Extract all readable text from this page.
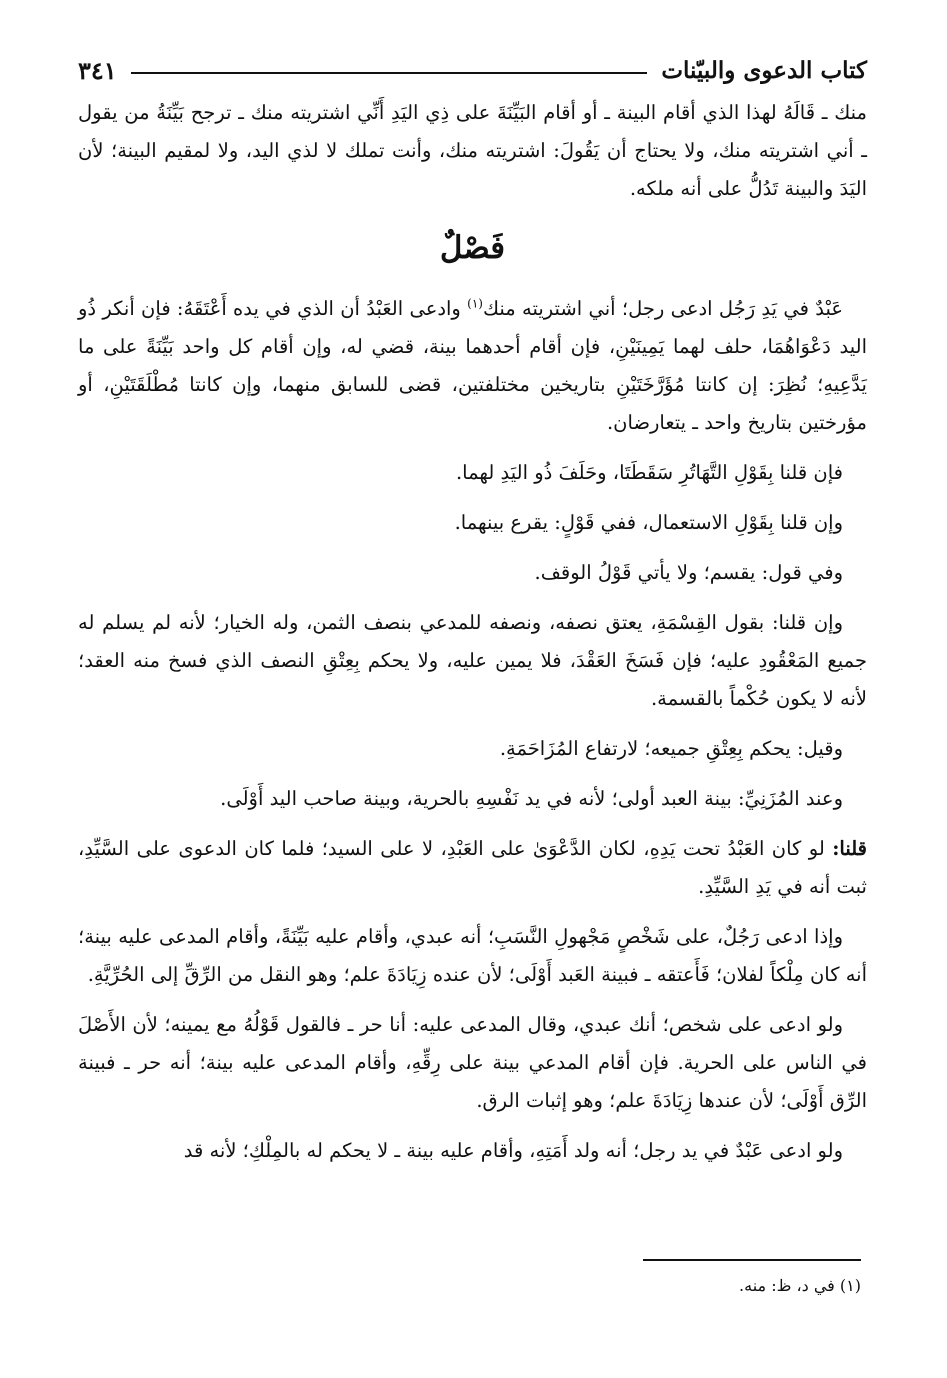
كتاب الدعوى والبيّنات
٣٤١

منك ـ قَالَهُ لهذا الذي أقام البينة ـ أو أقام البَيِّنَةَ على ذِي اليَدِ أَنِّي اشتريته منك ـ ترجح بَيِّنَةُ من يقول ـ أني اشتريته منك، ولا يحتاج أن يَقُولَ: اشتريته منك، وأنت تملك لا لذي اليد، ولا لمقيم البينة؛ لأن اليَدَ والبينة تَدُلُّ على أنه ملكه.

فَصْلٌ

عَبْدٌ في يَدِ رَجُل ادعى رجل؛ أني اشتريته منك$^{(١)}$ وادعى العَبْدُ أن الذي في يده أَعْتَقَهُ: فإن أنكر ذُو اليد دَعْوَاهُمَا، حلف لهما يَمِينَيْنِ، فإن أقام أحدهما بينة، قضي له، وإن أقام كل واحد بَيِّنَةً على ما يَدَّعِيهِ؛ نُظِرَ: إن كانتا مُؤَرَّخَتَيْنِ بتاريخين مختلفتين، قضى للسابق منهما، وإن كانتا مُطْلَقَتَيْنِ، أو مؤرختين بتاريخ واحد ـ يتعارضان.

فإن قلنا بِقَوْلِ التَّهَاتُرِ سَقَطَتَا، وحَلَفَ ذُو اليَدِ لهما.

وإن قلنا بِقَوْلِ الاستعمال، ففي قَوْلٍ: يقرع بينهما.

وفي قول: يقسم؛ ولا يأتي قَوْلُ الوقف.

وإن قلنا: بقول القِسْمَةِ، يعتق نصفه، ونصفه للمدعي بنصف الثمن، وله الخيار؛ لأنه لم يسلم له جميع المَعْقُودِ عليه؛ فإن فَسَخَ العَقْدَ، فلا يمين عليه، ولا يحكم بِعِتْقِ النصف الذي فسخ منه العقد؛ لأنه لا يكون حُكْماً بالقسمة.

وقيل: يحكم بِعِتْقِ جميعه؛ لارتفاع المُزَاحَمَةِ.

وعند المُزَنِيِّ: بينة العبد أولى؛ لأنه في يد نَفْسِهِ بالحرية، وبينة صاحب اليد أَوْلَى.

قلنا: لو كان العَبْدُ تحت يَدِهِ، لكان الدَّعْوَىٰ على العَبْدِ، لا على السيد؛ فلما كان الدعوى على السَّيِّدِ، ثبت أنه في يَدِ السَّيِّدِ.

وإذا ادعى رَجُلٌ، على شَخْصٍ مَجْهولِ النَّسَبِ؛ أنه عبدي، وأقام عليه بَيِّنَةً، وأقام المدعى عليه بينة؛ أنه كان مِلْكاً لفلان؛ فَأَعتقه ـ فبينة العَبد أَوْلَى؛ لأن عنده زِيَادَةَ علم؛ وهو النقل من الرِّقِّ إلى الحُرِّيَّةِ.

ولو ادعى على شخص؛ أنك عبدي، وقال المدعى عليه: أنا حر ـ فالقول قَوْلُهُ مع يمينه؛ لأن الأَصْلَ في الناس على الحرية. فإن أقام المدعي بينة على رِقِّهِ، وأقام المدعى عليه بينة؛ أنه حر ـ فبينة الرِّق أَوْلَى؛ لأن عندها زِيَادَةَ علم؛ وهو إثبات الرق.

ولو ادعى عَبْدٌ في يد رجل؛ أنه ولد أَمَتِهِ، وأقام عليه بينة ـ لا يحكم له بالمِلْكِ؛ لأنه قد

(١) في د، ظ: منه.
